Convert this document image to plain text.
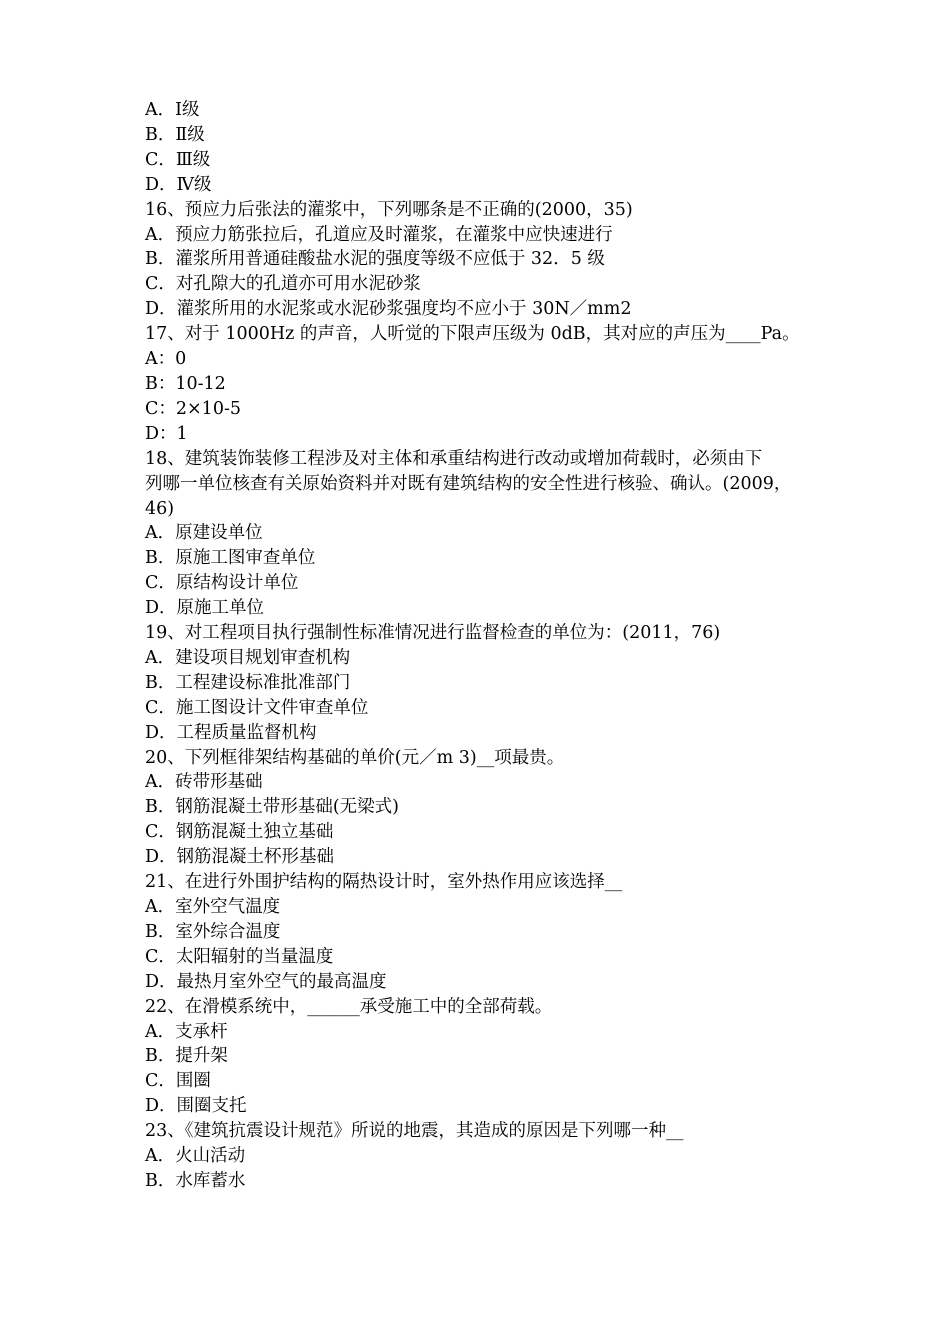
A．Ⅰ级
B．Ⅱ级
C．Ⅲ级
D．Ⅳ级
16、预应力后张法的灌浆中，下列哪条是不正确的(2000，35)
A．预应力筋张拉后，孔道应及时灌浆，在灌浆中应快速进行
B．灌浆所用普通硅酸盐水泥的强度等级不应低于 32．5 级
C．对孔隙大的孔道亦可用水泥砂浆
D．灌浆所用的水泥浆或水泥砂浆强度均不应小于 30N／mm2
17、对于 1000Hz 的声音，人听觉的下限声压级为 0dB，其对应的声压为____Pa。
A：0
B：10-12
C：2×10-5
D：1
18、建筑装饰装修工程涉及对主体和承重结构进行改动或增加荷载时，必须由下
列哪一单位核查有关原始资料并对既有建筑结构的安全性进行核验、确认。(2009，
46)
A．原建设单位
B．原施工图审查单位
C．原结构设计单位
D．原施工单位
19、对工程项目执行强制性标准情况进行监督检查的单位为：(2011，76)
A．建设项目规划审查机构
B．工程建设标准批准部门
C．施工图设计文件审查单位
D．工程质量监督机构
20、下列框徘架结构基础的单价(元／m 3)__项最贵。
A．砖带形基础
B．钢筋混凝土带形基础(无梁式)
C．钢筋混凝土独立基础
D．钢筋混凝土杯形基础
21、在进行外围护结构的隔热设计时，室外热作用应该选择__
A．室外空气温度
B．室外综合温度
C．太阳辐射的当量温度
D．最热月室外空气的最高温度
22、在滑模系统中，______承受施工中的全部荷载。
A．支承杆
B．提升架
C．围圈
D．围圈支托
23、《建筑抗震设计规范》所说的地震，其造成的原因是下列哪一种__
A．火山活动
B．水库蓄水
